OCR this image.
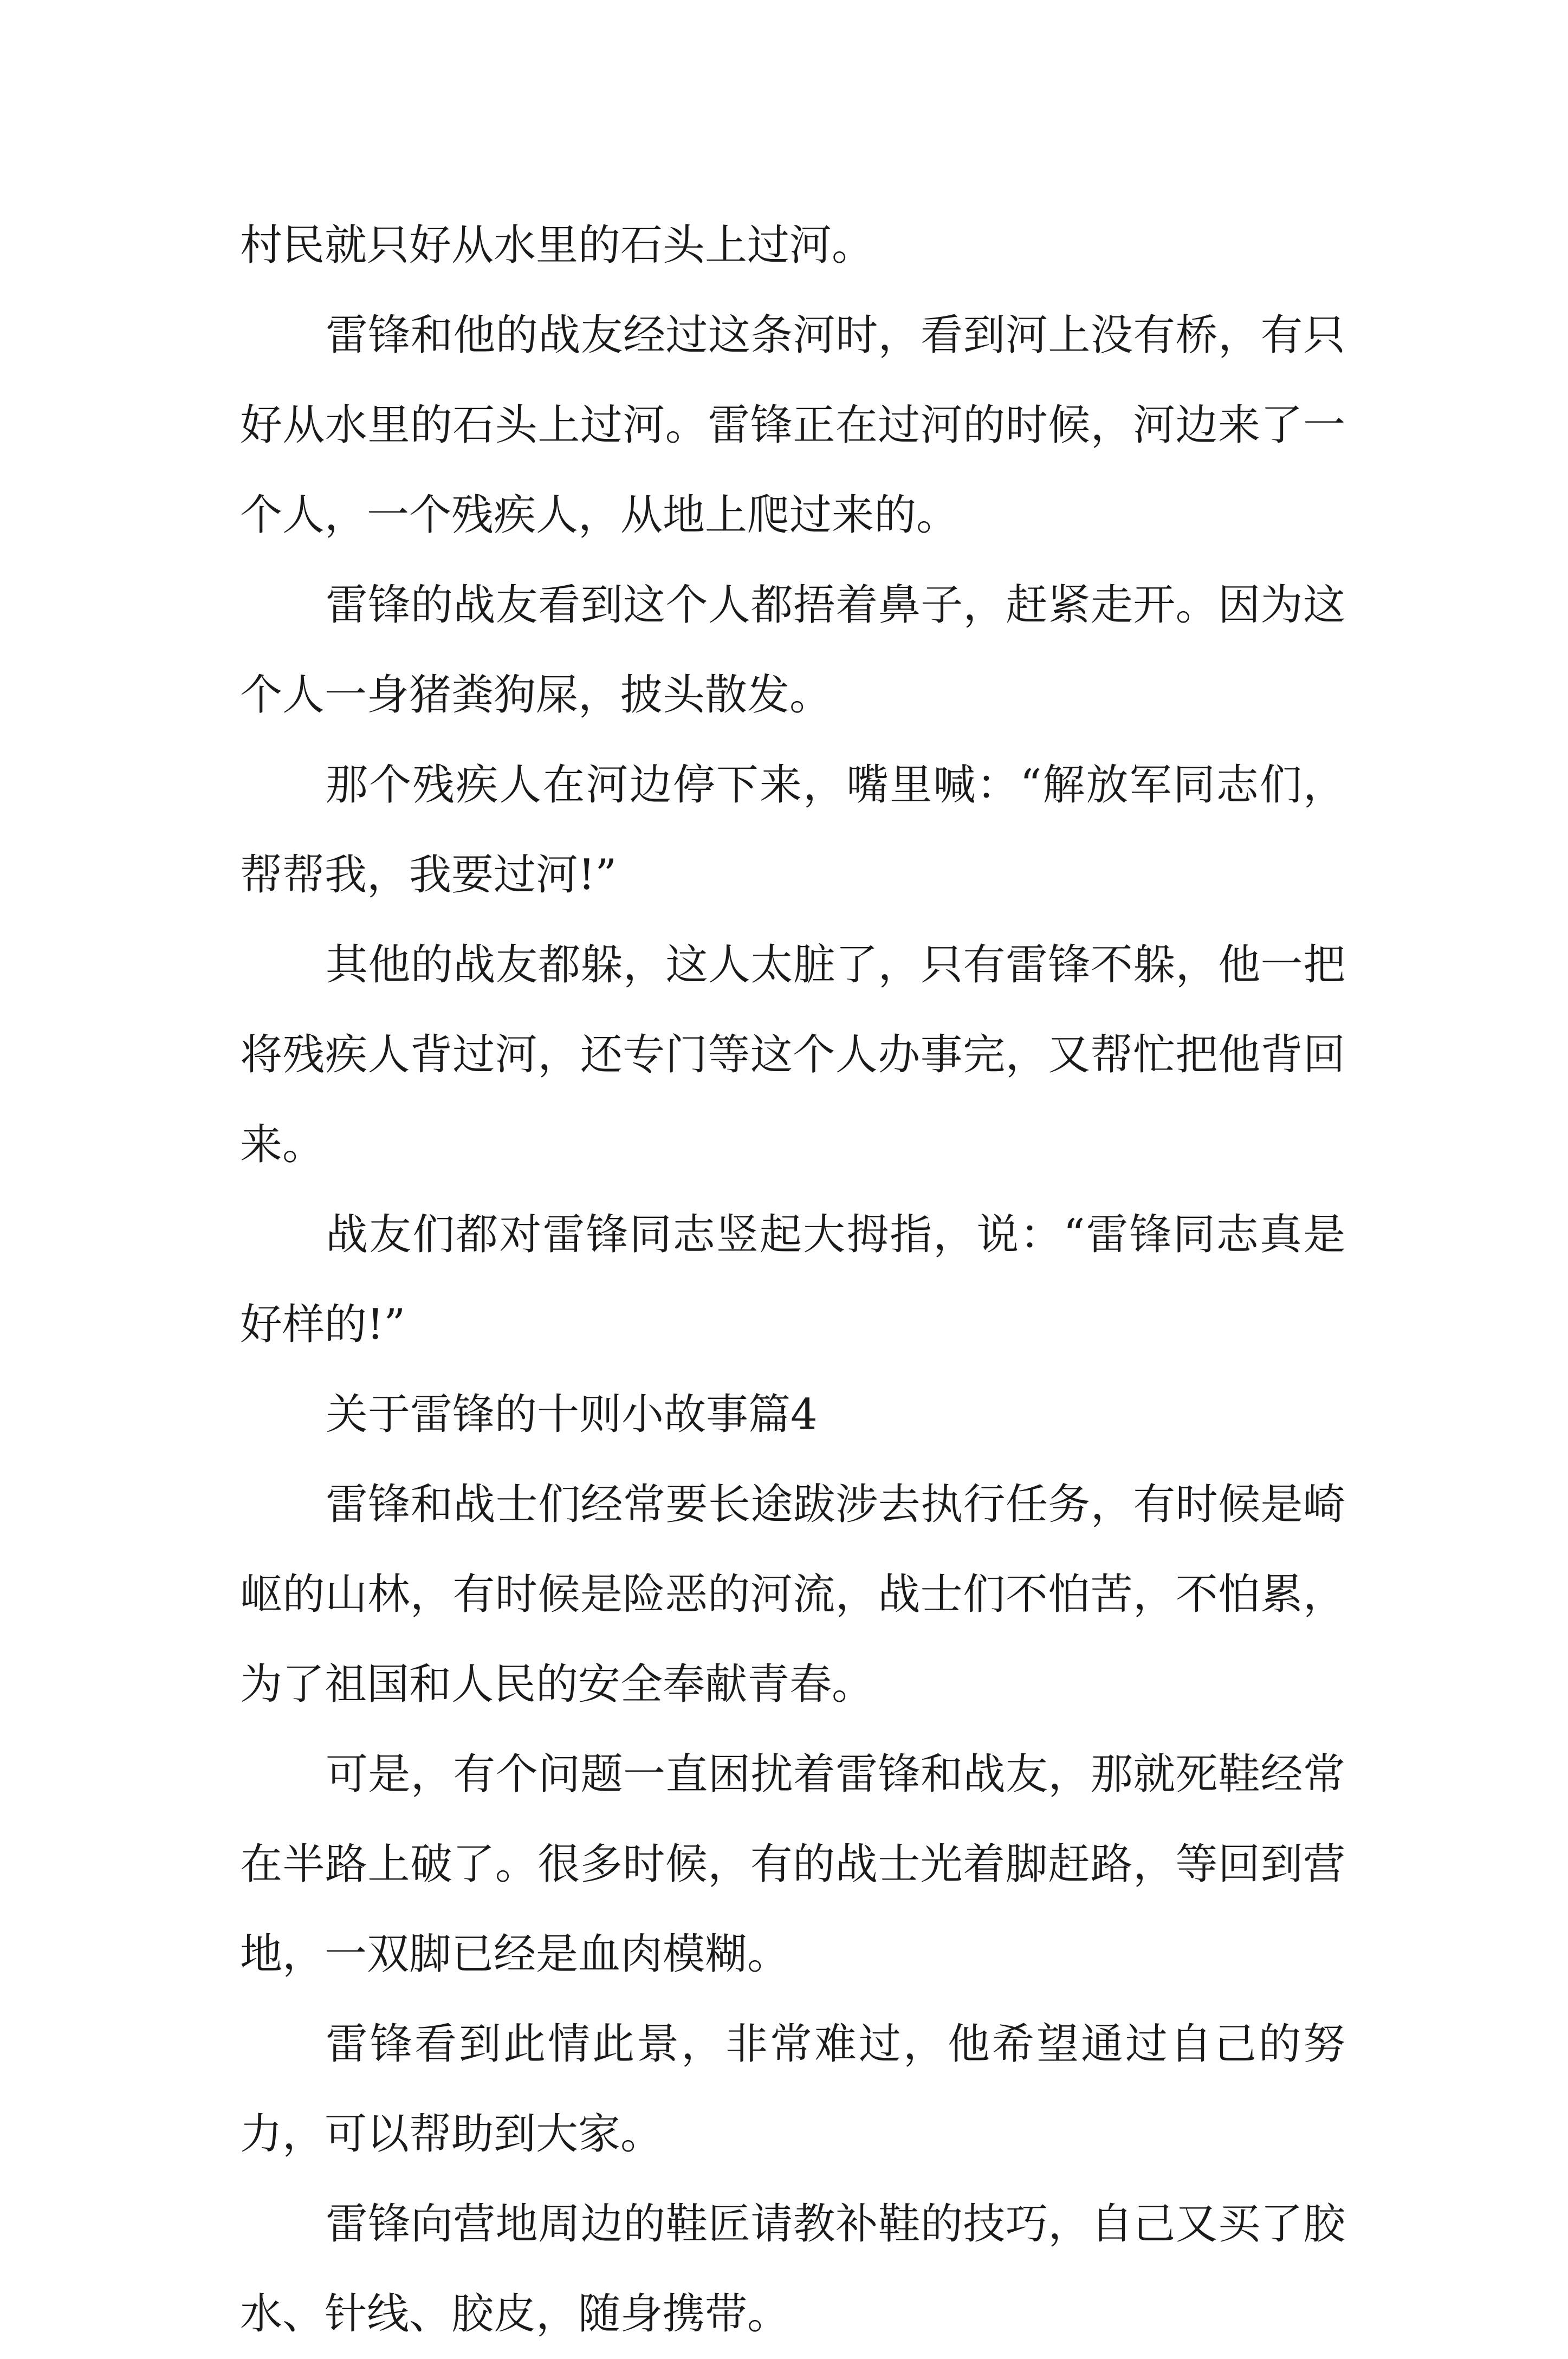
村民就只好从水里的石头上过河。

雷锋和他的战友经过这条河时，看到河上没有桥，有只好从水里的石头上过河。雷锋正在过河的时候，河边来了一个人，一个残疾人，从地上爬过来的。

雷锋的战友看到这个人都捂着鼻子，赶紧走开。因为这个人一身猪粪狗屎，披头散发。

那个残疾人在河边停下来，嘴里喊：“解放军同志们，帮帮我，我要过河!”

其他的战友都躲，这人太脏了，只有雷锋不躲，他一把将残疾人背过河，还专门等这个人办事完，又帮忙把他背回来。

战友们都对雷锋同志竖起大拇指，说：“雷锋同志真是好样的!”

关于雷锋的十则小故事篇4

雷锋和战士们经常要长途跋涉去执行任务，有时候是崎岖的山林，有时候是险恶的河流，战士们不怕苦，不怕累，为了祖国和人民的安全奉献青春。

可是，有个问题一直困扰着雷锋和战友，那就死鞋经常在半路上破了。很多时候，有的战士光着脚赶路，等回到营地，一双脚已经是血肉模糊。

雷锋看到此情此景，非常难过，他希望通过自己的努力，可以帮助到大家。

雷锋向营地周边的鞋匠请教补鞋的技巧，自己又买了胶水、针线、胶皮，随身携带。
